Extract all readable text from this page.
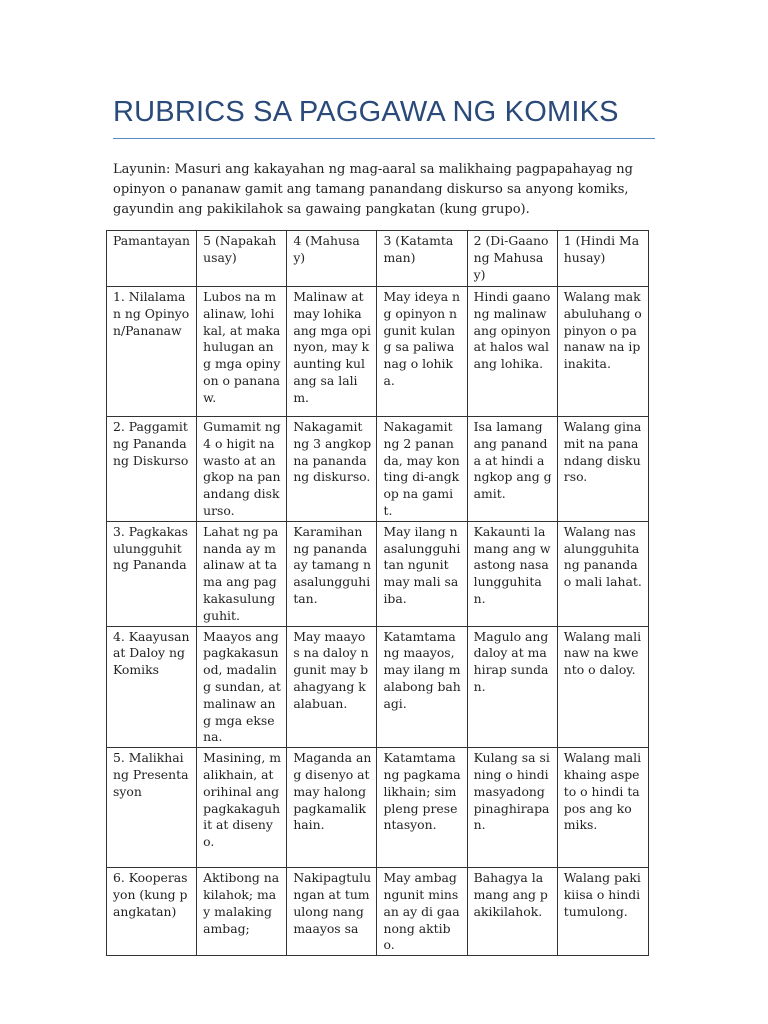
RUBRICS SA PAGGAWA NG KOMIKS
Layunin: Masuri ang kakayahan ng mag-aaral sa malikhaing pagpapahayag ng opinyon o pananaw gamit ang tamang panandang diskurso sa anyong komiks, gayundin ang pakikilahok sa gawaing pangkatan (kung grupo).
Pamantayan	5 (Napakahusay)	4 (Mahusay)	3 (Katamtaman)	2 (Di-Gaanong Mahusay)	1 (Hindi Mahusay)
1. Nilalaman ng Opinyon/Pananaw	Lubos na malinaw, lohikal, at makahulugan ang mga opinyon o pananaw.	Malinaw at may lohika ang mga opinyon, may kaunting kulang sa lalim.	May ideya ng opinyon ngunit kulang sa paliwanag o lohika.	Hindi gaanong malinaw ang opinyon at halos walang lohika.	Walang makabuluhang opinyon o pananaw na ipinakita.
2. Paggamit ng Panandang Diskurso	Gumamit ng 4 o higit na wasto at angkop na panandang diskurso.	Nakagamit ng 3 angkop na panandang diskurso.	Nakagamit ng 2 pananda, may konting di-angkop na gamit.	Isa lamang ang pananda at hindi angkop ang gamit.	Walang ginamit na panandang diskurso.
3. Pagkakasulungguhit ng Pananda	Lahat ng pananda ay malinaw at tama ang pagkakasulungguhit.	Karamihan ng pananda ay tamang nasalungguhitan.	May ilang nasalungguhitan ngunit may mali sa iba.	Kakaunti lamang ang wastong nasalungguhitan.	Walang nasalungguhitang pananda o mali lahat.
4. Kaayusan at Daloy ng Komiks	Maayos ang pagkakasunod, madaling sundan, at malinaw ang mga eksena.	May maayos na daloy ngunit may bahagyang kalabuan.	Katamtamang maayos, may ilang malabong bahagi.	Magulo ang daloy at mahirap sundan.	Walang malinaw na kwento o daloy.
5. Malikhaing Presentasyon	Masining, malikhain, at orihinal ang pagkakaguhit at disenyo.	Maganda ang disenyo at may halong pagkamalikhain.	Katamtamang pagkamalikhain; simpleng presentasyon.	Kulang sa sining o hindi masyadong pinaghirapan.	Walang malikhaing aspeto o hindi tapos ang komiks.
6. Kooperasyon (kung pangkatan)	Aktibong nakilahok; may malaking ambag;	Nakipagtulungan at tumulong nang maayos sa	May ambag ngunit minsan ay di gaanong aktibo.	Bahagya lamang ang pakikilahok.	Walang pakikiisa o hindi tumulong.
